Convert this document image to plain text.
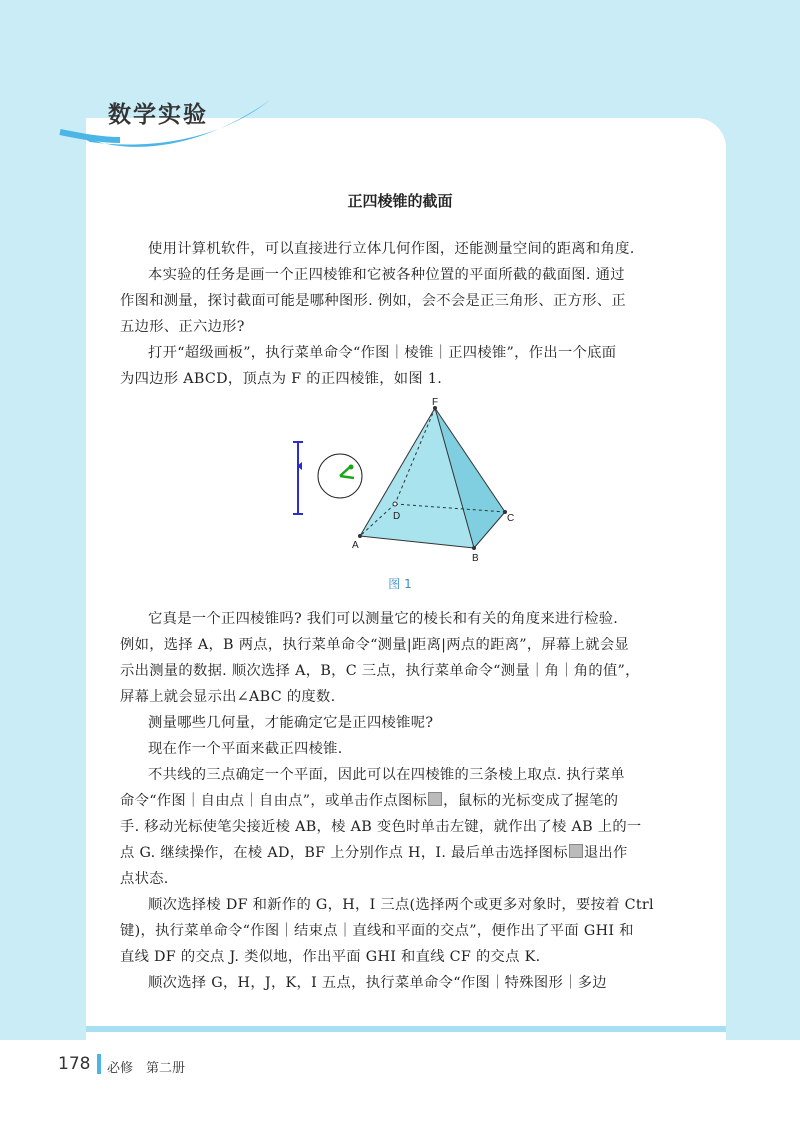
数学实验
正四棱锥的截面
使用计算机软件，可以直接进行立体几何作图，还能测量空间的距离和角度.
本实验的任务是画一个正四棱锥和它被各种位置的平面所截的截面图. 通过
作图和测量，探讨截面可能是哪种图形. 例如，会不会是正三角形、正方形、正
五边形、正六边形?
打开“超级画板”，执行菜单命令“作图｜棱锥｜正四棱锥”，作出一个底面
为四边形 ABCD，顶点为 F 的正四棱锥，如图 1.
F
A
B
C
D
图 1
它真是一个正四棱锥吗? 我们可以测量它的棱长和有关的角度来进行检验.
例如，选择 A，B 两点，执行菜单命令“测量|距离|两点的距离”，屏幕上就会显
示出测量的数据. 顺次选择 A，B，C 三点，执行菜单命令“测量｜角｜角的值”，
屏幕上就会显示出∠ABC 的度数.
测量哪些几何量，才能确定它是正四棱锥呢?
现在作一个平面来截正四棱锥.
不共线的三点确定一个平面，因此可以在四棱锥的三条棱上取点. 执行菜单
命令“作图｜自由点｜自由点”，或单击作点图标 ，鼠标的光标变成了握笔的
手. 移动光标使笔尖接近棱 AB，棱 AB 变色时单击左键，就作出了棱 AB 上的一
点 G. 继续操作，在棱 AD，BF 上分别作点 H，I. 最后单击选择图标 退出作
点状态.
顺次选择棱 DF 和新作的 G，H，I 三点(选择两个或更多对象时，要按着 Ctrl
键)，执行菜单命令“作图｜结束点｜直线和平面的交点”，便作出了平面 GHI 和
直线 DF 的交点 J. 类似地，作出平面 GHI 和直线 CF 的交点 K.
顺次选择 G，H，J，K，I 五点，执行菜单命令“作图｜特殊图形｜多边
178 必修　第二册
